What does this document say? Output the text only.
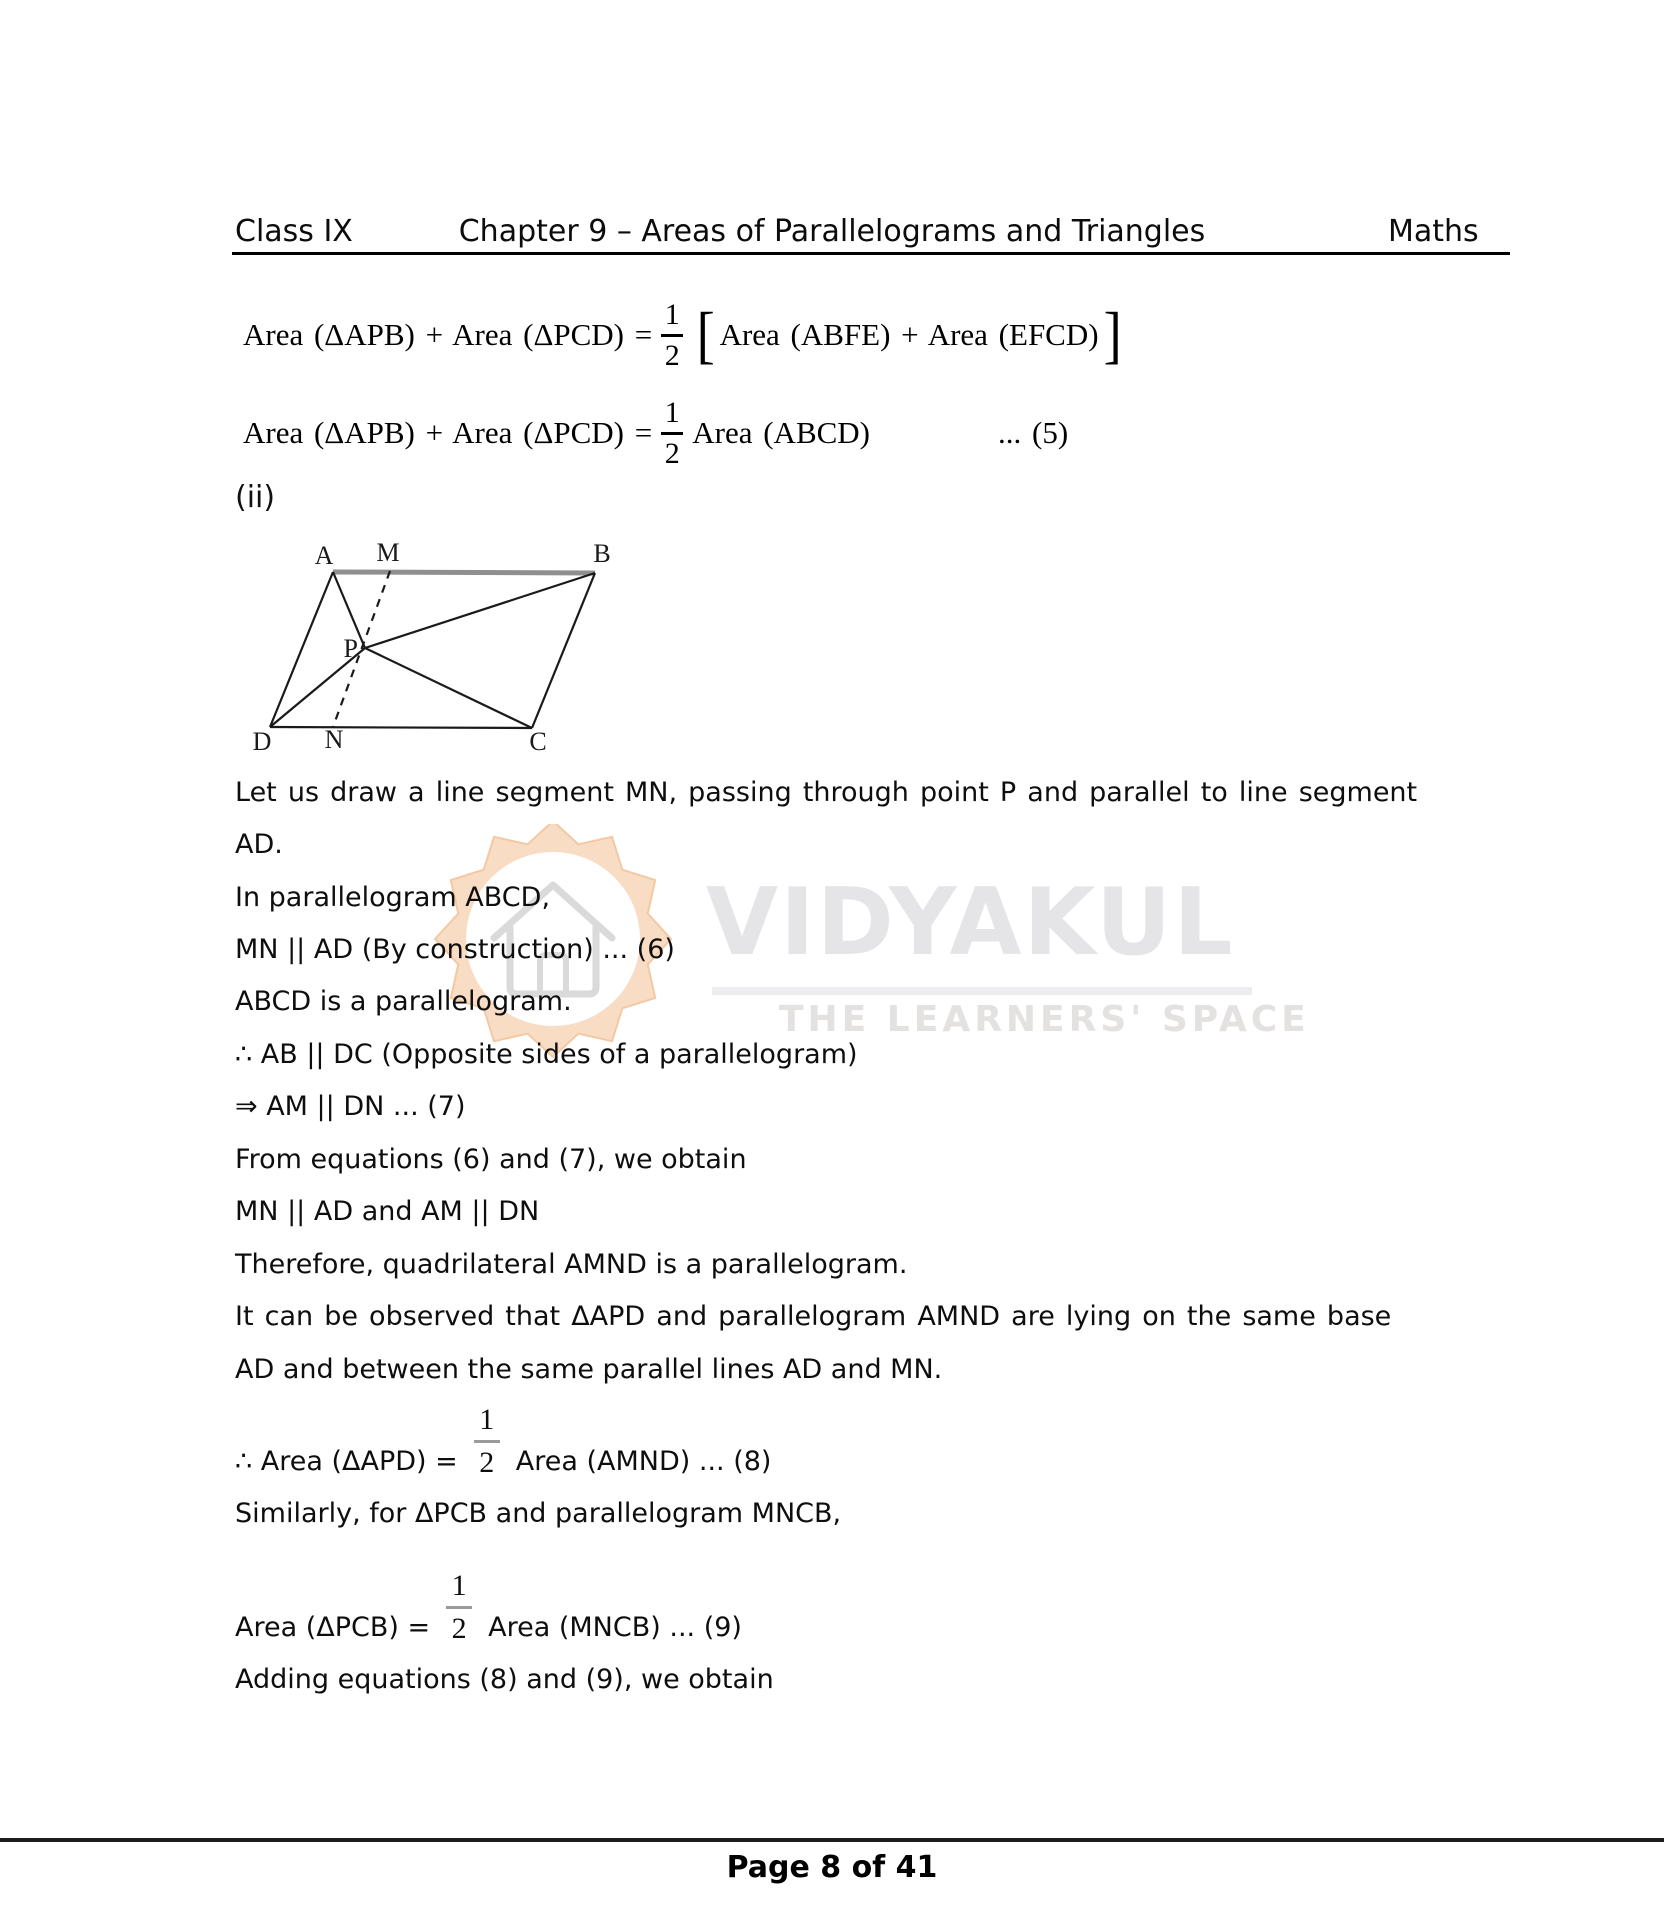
VIDYAKUL
THE LEARNERS' SPACE
Class IX	Chapter 9 – Areas of Parallelograms and Triangles	Maths
Area (ΔAPB) + Area $(\Delta PCD) = \frac{1}{2}$ [ Area (ABFE) + Area (EFCD) ]
Area (ΔAPB) + Area $(\Delta PCD) = \frac{1}{2}$ Area (ABCD)	... (5)
(ii)
A M	B
P
D N	C
Let us draw a line segment MN, passing through point P and parallel to line segment
AD.
In parallelogram ABCD,
MN || AD (By construction) ... (6)
ABCD is a parallelogram.
∴ AB || DC (Opposite sides of a parallelogram)
⇒ AM || DN ... (7)
From equations (6) and (7), we obtain
MN || AD and AM || DN
Therefore, quadrilateral AMND is a parallelogram.
It can be observed that ΔAPD and parallelogram AMND are lying on the same base
AD and between the same parallel lines AD and MN.
∴ Area $(\Delta APD) = \frac{1}{2}$ Area (AMND) ... (8)
Similarly, for ΔPCB and parallelogram MNCB,
Area $(\Delta PCB) = \frac{1}{2}$ Area (MNCB) ... (9)
Adding equations (8) and (9), we obtain
Page 8 of 41
